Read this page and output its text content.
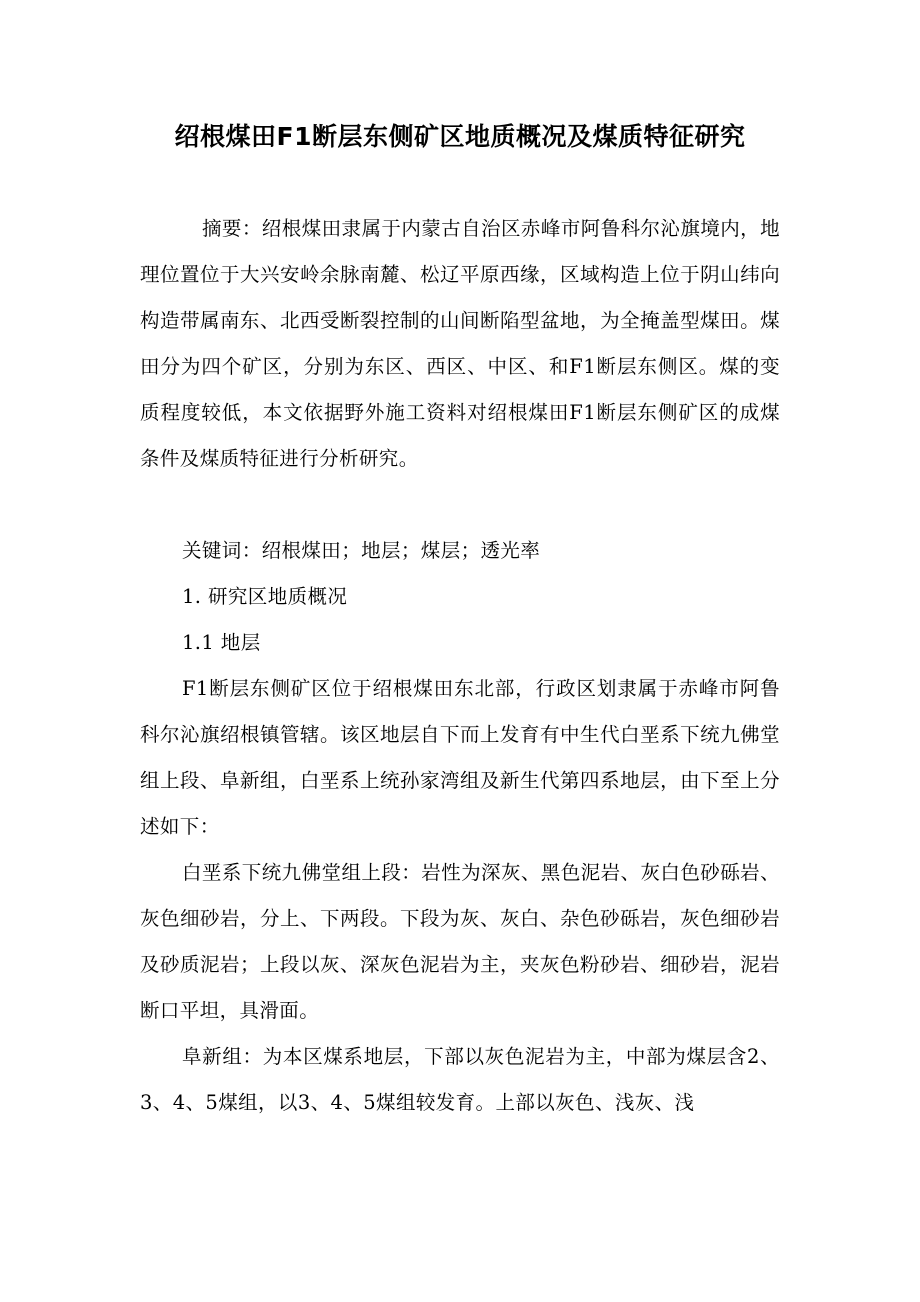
绍根煤田F1断层东侧矿区地质概况及煤质特征研究

摘要：绍根煤田隶属于内蒙古自治区赤峰市阿鲁科尔沁旗境内，地理位置位于大兴安岭余脉南麓、松辽平原西缘，区域构造上位于阴山纬向构造带属南东、北西受断裂控制的山间断陷型盆地，为全掩盖型煤田。煤田分为四个矿区，分别为东区、西区、中区、和F1断层东侧区。煤的变质程度较低，本文依据野外施工资料对绍根煤田F1断层东侧矿区的成煤条件及煤质特征进行分析研究。

关键词：绍根煤田；地层；煤层；透光率

1. 研究区地质概况

1.1 地层

F1断层东侧矿区位于绍根煤田东北部，行政区划隶属于赤峰市阿鲁科尔沁旗绍根镇管辖。该区地层自下而上发育有中生代白垩系下统九佛堂组上段、阜新组，白垩系上统孙家湾组及新生代第四系地层，由下至上分述如下：

白垩系下统九佛堂组上段：岩性为深灰、黑色泥岩、灰白色砂砾岩、灰色细砂岩，分上、下两段。下段为灰、灰白、杂色砂砾岩，灰色细砂岩及砂质泥岩；上段以灰、深灰色泥岩为主，夹灰色粉砂岩、细砂岩，泥岩断口平坦，具滑面。

阜新组：为本区煤系地层，下部以灰色泥岩为主，中部为煤层含2、3、4、5煤组，以3、4、5煤组较发育。上部以灰色、浅灰、浅
